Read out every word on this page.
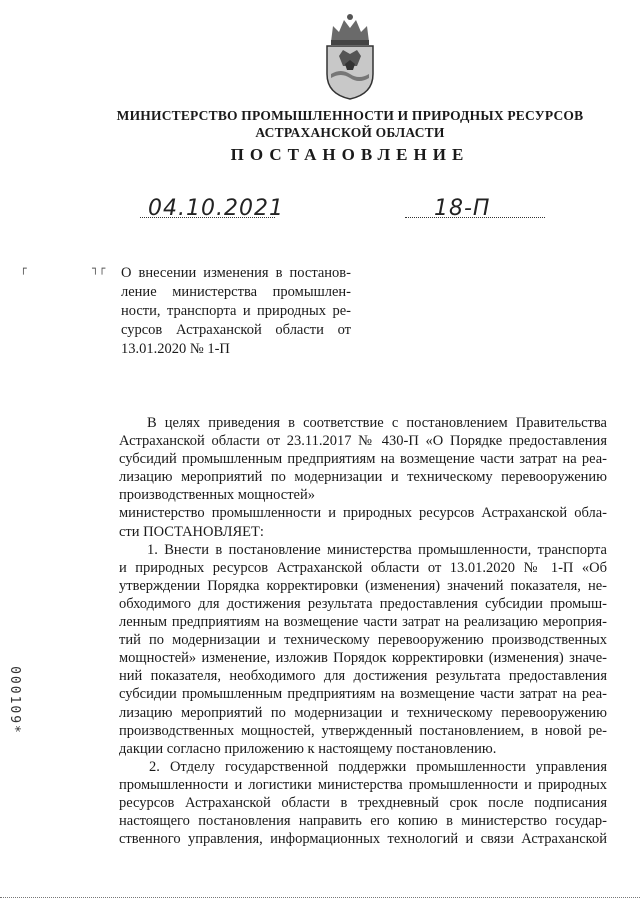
МИНИСТЕРСТВО ПРОМЫШЛЕННОСТИ И ПРИРОДНЫХ РЕСУРСОВ
АСТРАХАНСКОЙ ОБЛАСТИ
ПОСТАНОВЛЕНИЕ
04.10.2021	18-П
┌	┐┌ О внесении изменения в постанов-
ление министерства промышлен-
ности, транспорта и природных ре-
сурсов Астраханской области от
13.01.2020 № 1-П
В целях приведения в соответствие с постановлением Правительства
Астраханской области от 23.11.2017 № 430-П «О Порядке предоставления
субсидий промышленным предприятиям на возмещение части затрат на реа-
лизацию мероприятий по модернизации и техническому перевооружению
производственных мощностей»
министерство промышленности и природных ресурсов Астраханской обла-
сти ПОСТАНОВЛЯЕТ:
1. Внести в постановление министерства промышленности, транспорта
и природных ресурсов Астраханской области от 13.01.2020 № 1-П «Об
утверждении Порядка корректировки (изменения) значений показателя, не-
обходимого для достижения результата предоставления субсидии промыш-
ленным предприятиям на возмещение части затрат на реализацию мероприя-
тий по модернизации и техническому перевооружению производственных
мощностей» изменение, изложив Порядок корректировки (изменения) значе-
ний показателя, необходимого для достижения результата предоставления
субсидии промышленным предприятиям на возмещение части затрат на реа-
лизацию мероприятий по модернизации и техническому перевооружению
производственных мощностей, утвержденный постановлением, в новой ре-
дакции согласно приложению к настоящему постановлению.
2. Отделу государственной поддержки промышленности управления
промышленности и логистики министерства промышленности и природных
ресурсов Астраханской области в трехдневный срок после подписания
настоящего постановления направить его копию в министерство государ-
ственного управления, информационных технологий и связи Астраханской
000109*
